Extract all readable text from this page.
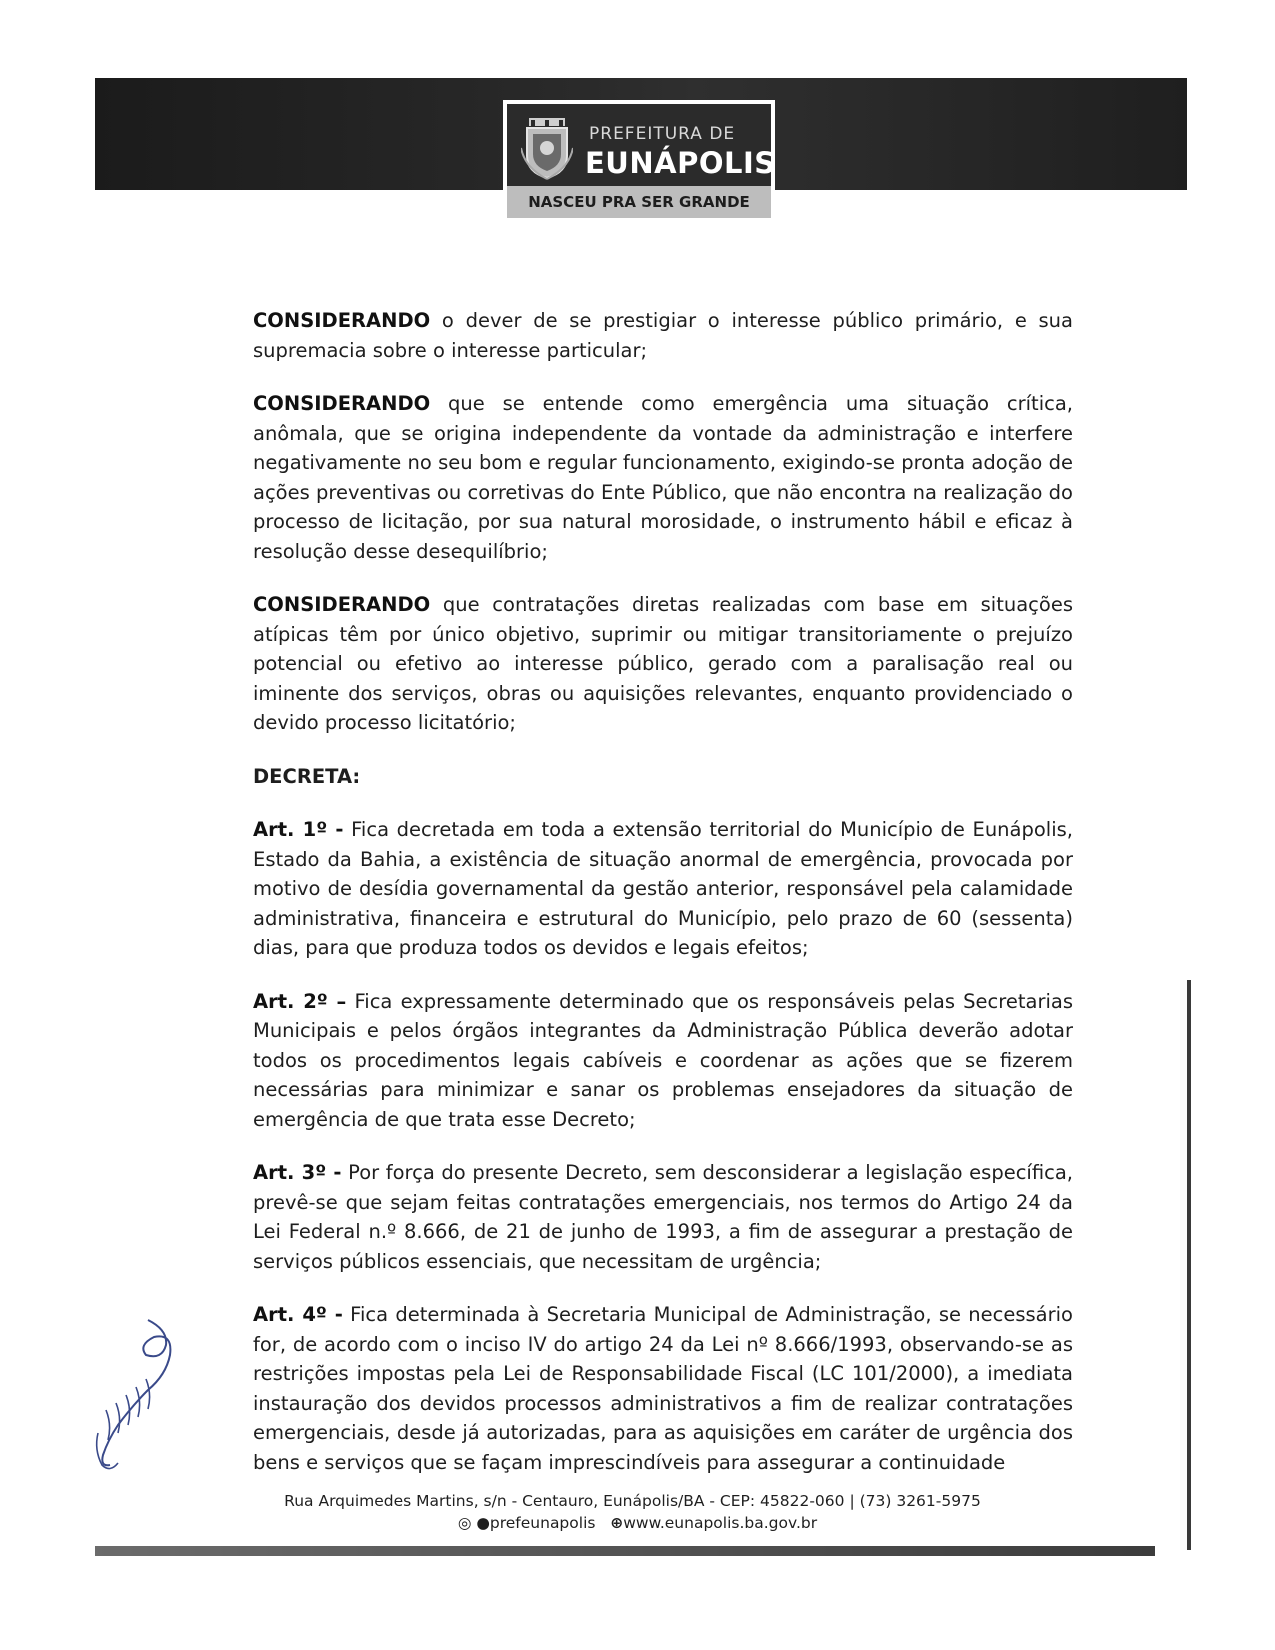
PREFEITURA DE
EUNÁPOLIS
NASCEU PRA SER GRANDE

CONSIDERANDO o dever de se prestigiar o interesse público primário, e sua supremacia sobre o interesse particular;

CONSIDERANDO que se entende como emergência uma situação crítica, anômala, que se origina independente da vontade da administração e interfere negativamente no seu bom e regular funcionamento, exigindo-se pronta adoção de ações preventivas ou corretivas do Ente Público, que não encontra na realização do processo de licitação, por sua natural morosidade, o instrumento hábil e eficaz à resolução desse desequilíbrio;

CONSIDERANDO que contratações diretas realizadas com base em situações atípicas têm por único objetivo, suprimir ou mitigar transitoriamente o prejuízo potencial ou efetivo ao interesse público, gerado com a paralisação real ou iminente dos serviços, obras ou aquisições relevantes, enquanto providenciado o devido processo licitatório;

DECRETA:

Art. 1º - Fica decretada em toda a extensão territorial do Município de Eunápolis, Estado da Bahia, a existência de situação anormal de emergência, provocada por motivo de desídia governamental da gestão anterior, responsável pela calamidade administrativa, financeira e estrutural do Município, pelo prazo de 60 (sessenta) dias, para que produza todos os devidos e legais efeitos;

Art. 2º – Fica expressamente determinado que os responsáveis pelas Secretarias Municipais e pelos órgãos integrantes da Administração Pública deverão adotar todos os procedimentos legais cabíveis e coordenar as ações que se fizerem necessárias para minimizar e sanar os problemas ensejadores da situação de emergência de que trata esse Decreto;

Art. 3º - Por força do presente Decreto, sem desconsiderar a legislação específica, prevê-se que sejam feitas contratações emergenciais, nos termos do Artigo 24 da Lei Federal n.º 8.666, de 21 de junho de 1993, a fim de assegurar a prestação de serviços públicos essenciais, que necessitam de urgência;

Art. 4º - Fica determinada à Secretaria Municipal de Administração, se necessário for, de acordo com o inciso IV do artigo 24 da Lei nº 8.666/1993, observando-se as restrições impostas pela Lei de Responsabilidade Fiscal (LC 101/2000), a imediata instauração dos devidos processos administrativos a fim de realizar contratações emergenciais, desde já autorizadas, para as aquisições em caráter de urgência dos bens e serviços que se façam imprescindíveis para assegurar a continuidade

Rua Arquimedes Martins, s/n - Centauro, Eunápolis/BA - CEP: 45822-060 | (73) 3261-5975
◎ ●prefeunapolis ⊕www.eunapolis.ba.gov.br
